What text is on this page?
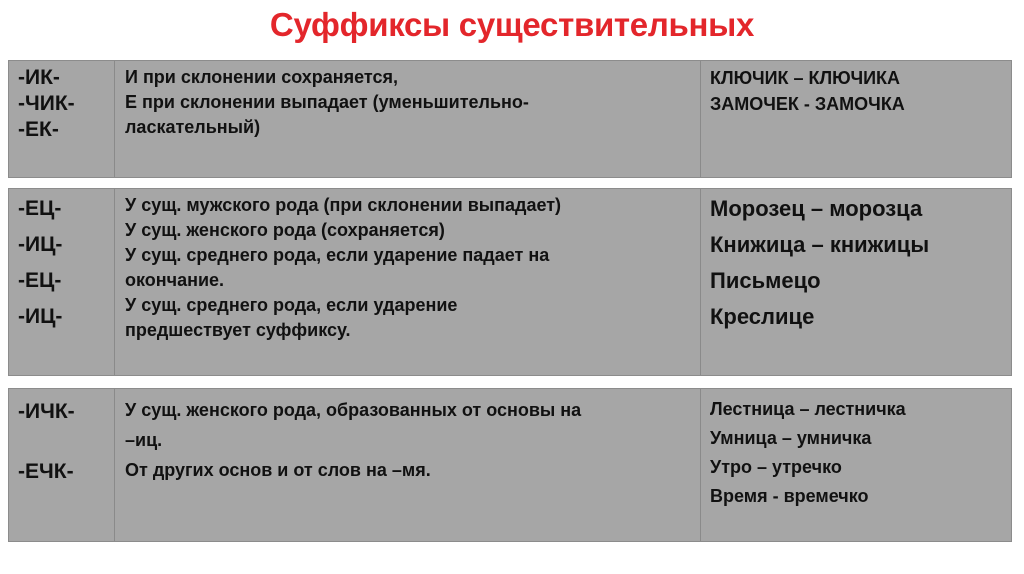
Суффиксы существительных
-ИК-
-ЧИК-
-ЕК-
И при склонении сохраняется,
Е при склонении выпадает (уменьшительно-
ласкательный)
КЛЮЧИК – КЛЮЧИКА
ЗАМОЧЕК - ЗАМОЧКА
-ЕЦ-
-ИЦ-
-ЕЦ-
-ИЦ-
У сущ. мужского рода (при склонении выпадает)
У сущ. женского рода (сохраняется)
У сущ. среднего рода, если ударение падает на
окончание.
У сущ. среднего рода, если ударение
предшествует суффиксу.
Морозец – морозца
Книжица – книжицы
Письмецо
Креслице
-ИЧК-
-ЕЧК-
У сущ. женского рода, образованных от основы на
–иц.
От других основ и от слов на –мя.
Лестница – лестничка
Умница – умничка
Утро – утречко
Время - времечко
